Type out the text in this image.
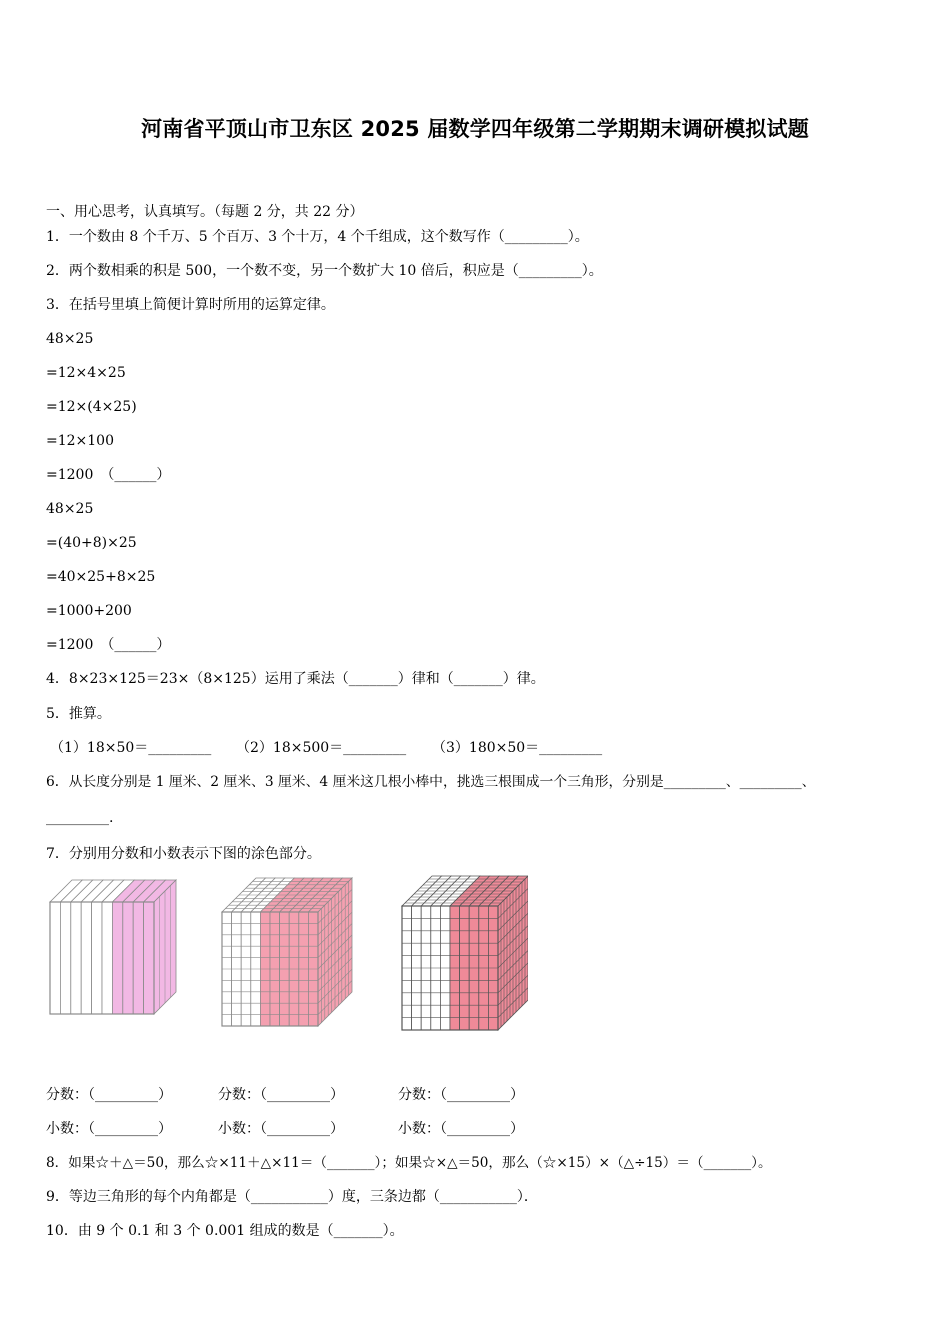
河南省平顶山市卫东区 2025 届数学四年级第二学期期末调研模拟试题
一、用心思考，认真填写。（每题 2 分，共 22 分）
1．一个数由 8 个千万、5 个百万、3 个十万，4 个千组成，这个数写作（_________）。
2．两个数相乘的积是 500，一个数不变，另一个数扩大 10 倍后，积应是（_________）。
3．在括号里填上简便计算时所用的运算定律。
48×25
=12×4×25
=12×(4×25)
=12×100
=1200　（______）
48×25
=(40+8)×25
=40×25+8×25
=1000+200
=1200　（______）
4．8×23×125＝23×（8×125）运用了乘法（_______）律和（_______）律。
5．推算。
（1）18×50＝_________ （2）18×500＝_________ （3）180×50＝_________
6．从长度分别是 1 厘米、2 厘米、3 厘米、4 厘米这几根小棒中，挑选三根围成一个三角形，分别是_________、_________、
_________.
7．分别用分数和小数表示下图的涂色部分。
分数：（_________）	分数：（_________）	分数：（_________）
小数：（_________）	小数：（_________）	小数：（_________）
8．如果☆＋△＝50，那么☆×11＋△×11＝（_______）；如果☆×△＝50，那么（☆×15）×（△÷15）＝（_______）。
9．等边三角形的每个内角都是（___________）度，三条边都（___________）．
10．由 9 个 0.1 和 3 个 0.001 组成的数是（_______）。
